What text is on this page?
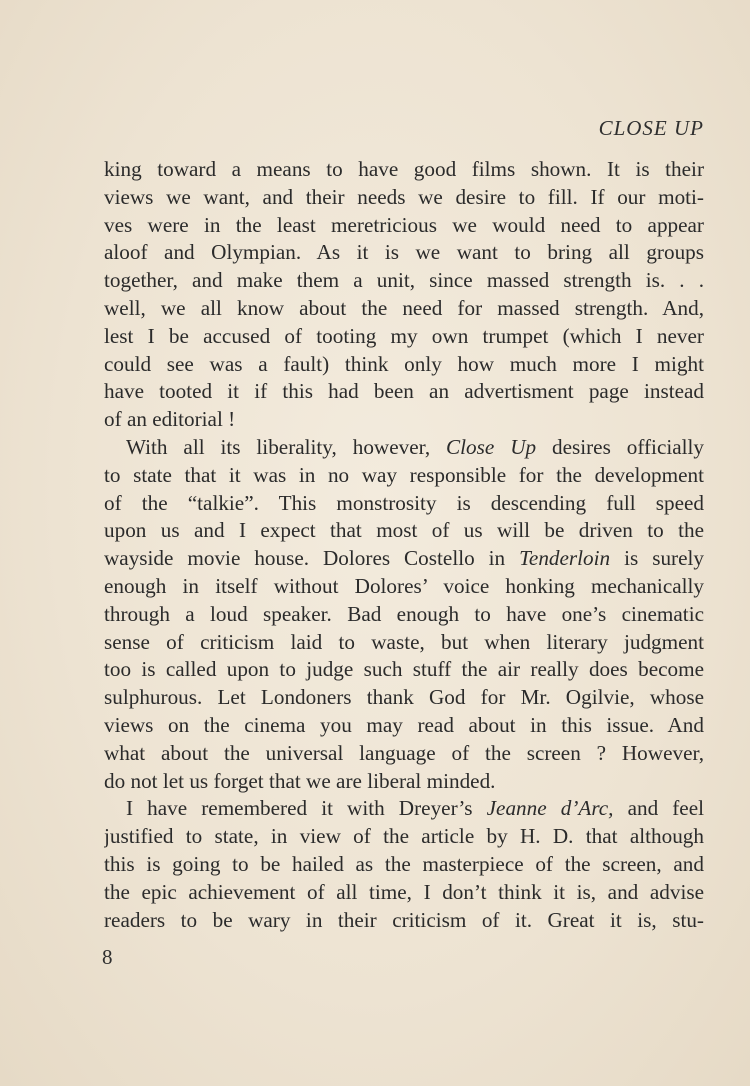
CLOSE UP
king toward a means to have good films shown. It is their
views we want, and their needs we desire to fill. If our moti-
ves were in the least meretricious we would need to appear
aloof and Olympian. As it is we want to bring all groups
together, and make them a unit, since massed strength is. . .
well, we all know about the need for massed strength. And,
lest I be accused of tooting my own trumpet (which I never
could see was a fault) think only how much more I might
have tooted it if this had been an advertisment page instead
of an editorial !
With all its liberality, however, Close Up desires officially
to state that it was in no way responsible for the development
of the “talkie”. This monstrosity is descending full speed
upon us and I expect that most of us will be driven to the
wayside movie house. Dolores Costello in Tenderloin is surely
enough in itself without Dolores’ voice honking mechanically
through a loud speaker. Bad enough to have one’s cinematic
sense of criticism laid to waste, but when literary judgment
too is called upon to judge such stuff the air really does become
sulphurous. Let Londoners thank God for Mr. Ogilvie, whose
views on the cinema you may read about in this issue. And
what about the universal language of the screen ? However,
do not let us forget that we are liberal minded.
I have remembered it with Dreyer’s Jeanne d’Arc, and feel
justified to state, in view of the article by H. D. that although
this is going to be hailed as the masterpiece of the screen, and
the epic achievement of all time, I don’t think it is, and advise
readers to be wary in their criticism of it. Great it is, stu-
8
